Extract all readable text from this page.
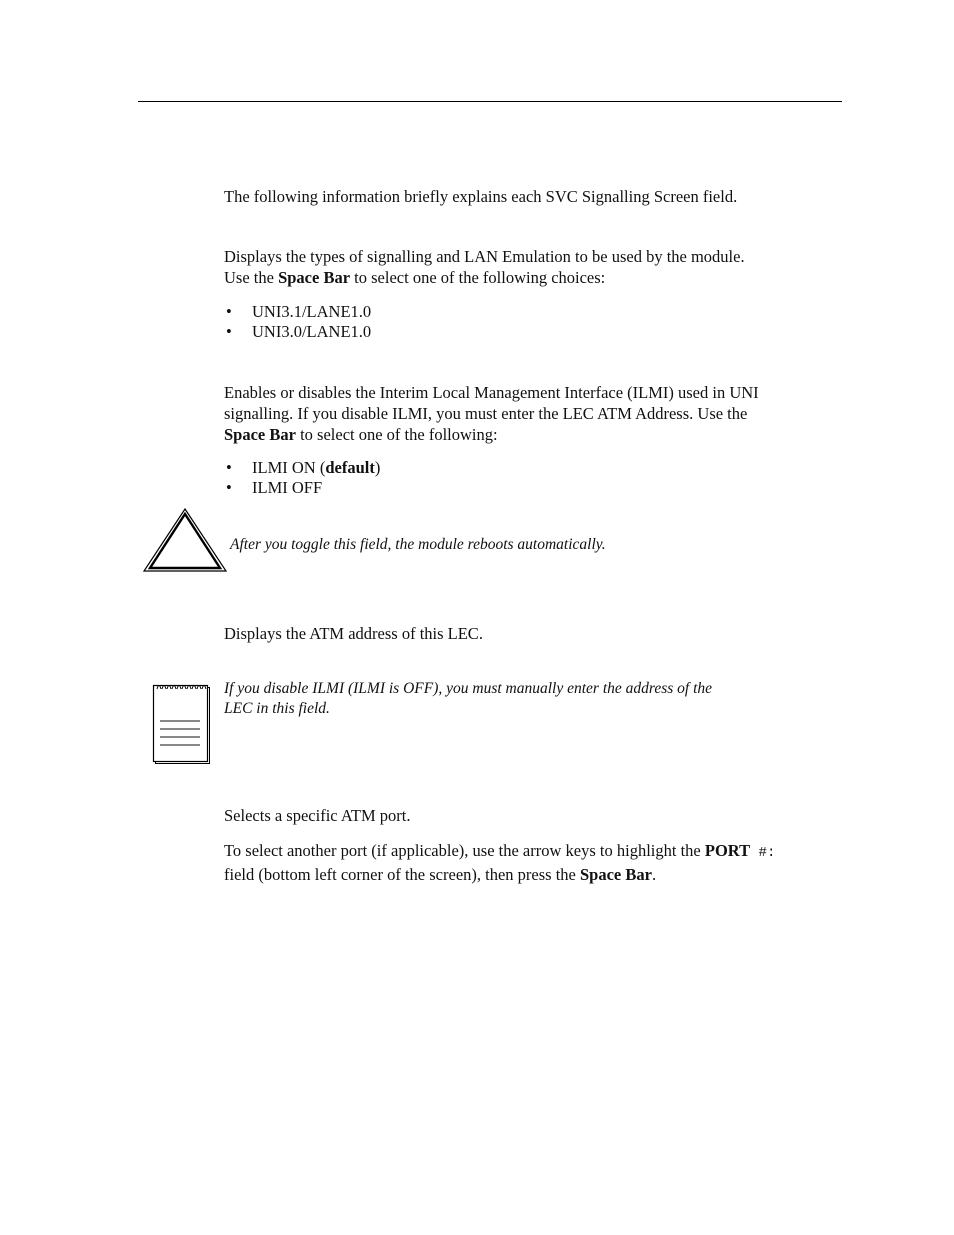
The following information briefly explains each SVC Signalling Screen field.

Displays the types of signalling and LAN Emulation to be used by the module.
Use the Space Bar to select one of the following choices:

• UNI3.1/LANE1.0
• UNI3.0/LANE1.0

Enables or disables the Interim Local Management Interface (ILMI) used in UNI
signalling. If you disable ILMI, you must enter the LEC ATM Address. Use the
Space Bar to select one of the following:

• ILMI ON (default)
• ILMI OFF

After you toggle this field, the module reboots automatically.

Displays the ATM address of this LEC.

If you disable ILMI (ILMI is OFF), you must manually enter the address of the
LEC in this field.

Selects a specific ATM port.

To select another port (if applicable), use the arrow keys to highlight the PORT #:
field (bottom left corner of the screen), then press the Space Bar.
